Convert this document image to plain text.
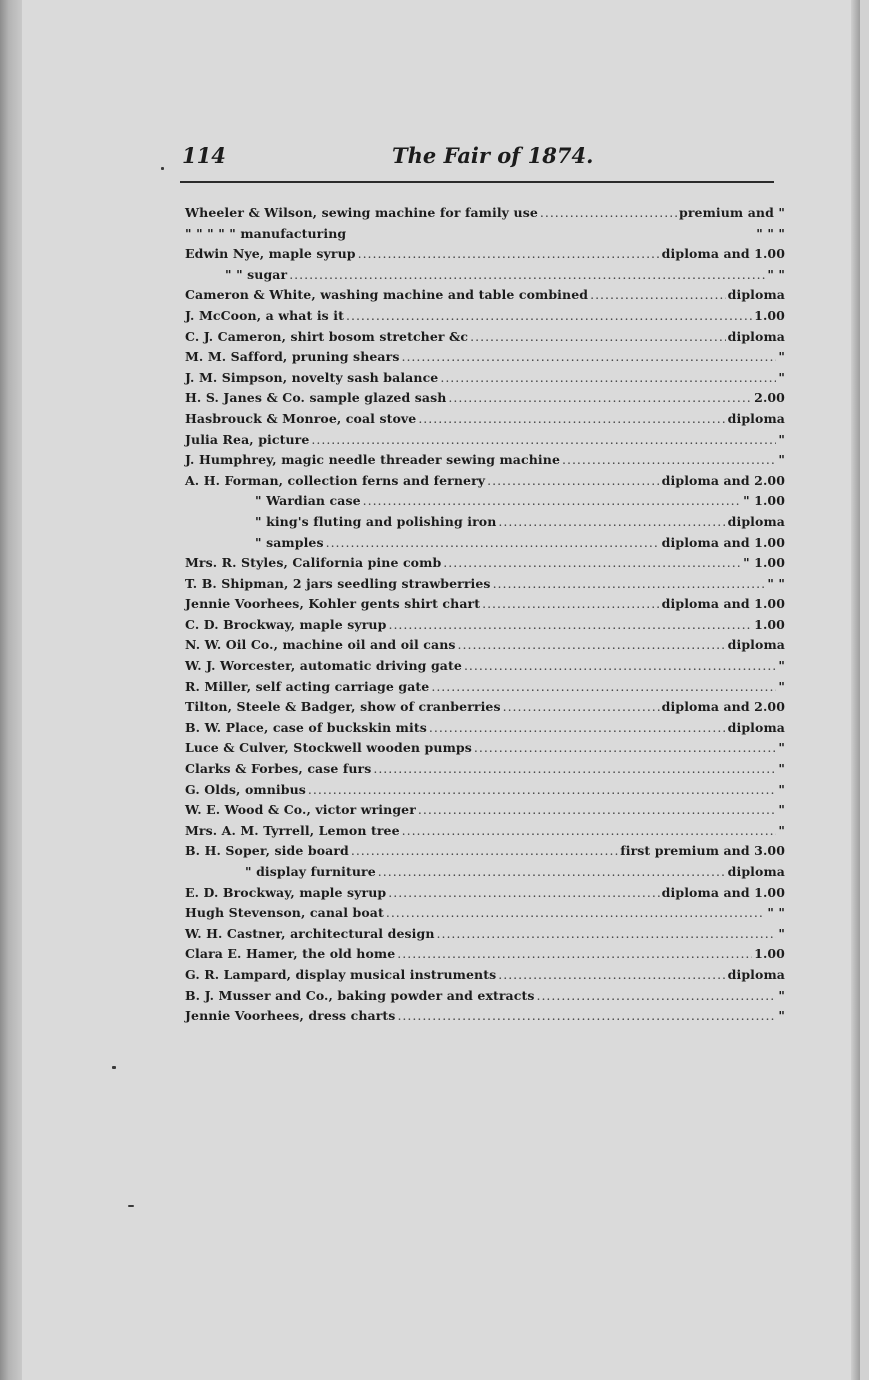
114	The Fair of 1874.
Wheeler & Wilson, sewing machine for family use .....	premium and "
" " " " " manufacturing	" " "
Edwin Nye, maple syrup .....	diploma and 1.00
" " sugar .....	" "
Cameron & White, washing machine and table combined .....	diploma
J. McCoon, a what is it .....	1.00
C. J. Cameron, shirt bosom stretcher &c .....	diploma
M. M. Safford, pruning shears .....	"
J. M. Simpson, novelty sash balance .....	"
H. S. Janes & Co. sample glazed sash .....	2.00
Hasbrouck & Monroe, coal stove .....	diploma
Julia Rea, picture .....	"
J. Humphrey, magic needle threader sewing machine .....	"
A. H. Forman, collection ferns and fernery .....	diploma and 2.00
" Wardian case .....	" 1.00
" king's fluting and polishing iron .....	diploma
" samples .....	diploma and 1.00
Mrs. R. Styles, California pine comb .....	" 1.00
T. B. Shipman, 2 jars seedling strawberries .....	" "
Jennie Voorhees, Kohler gents shirt chart .....	diploma and 1.00
C. D. Brockway, maple syrup .....	1.00
N. W. Oil Co., machine oil and oil cans .....	diploma
W. J. Worcester, automatic driving gate .....	"
R. Miller, self acting carriage gate .....	"
Tilton, Steele & Badger, show of cranberries .....	diploma and 2.00
B. W. Place, case of buckskin mits .....	diploma
Luce & Culver, Stockwell wooden pumps .....	"
Clarks & Forbes, case furs .....	"
G. Olds, omnibus .....	"
W. E. Wood & Co., victor wringer .....	"
Mrs. A. M. Tyrrell, Lemon tree .....	"
B. H. Soper, side board .....	first premium and 3.00
" display furniture .....	diploma
E. D. Brockway, maple syrup .....	diploma and 1.00
Hugh Stevenson, canal boat .....	" "
W. H. Castner, architectural design .....	"
Clara E. Hamer, the old home .....	1.00
G. R. Lampard, display musical instruments .....	diploma
B. J. Musser and Co., baking powder and extracts .....	"
Jennie Voorhees, dress charts .....	"
